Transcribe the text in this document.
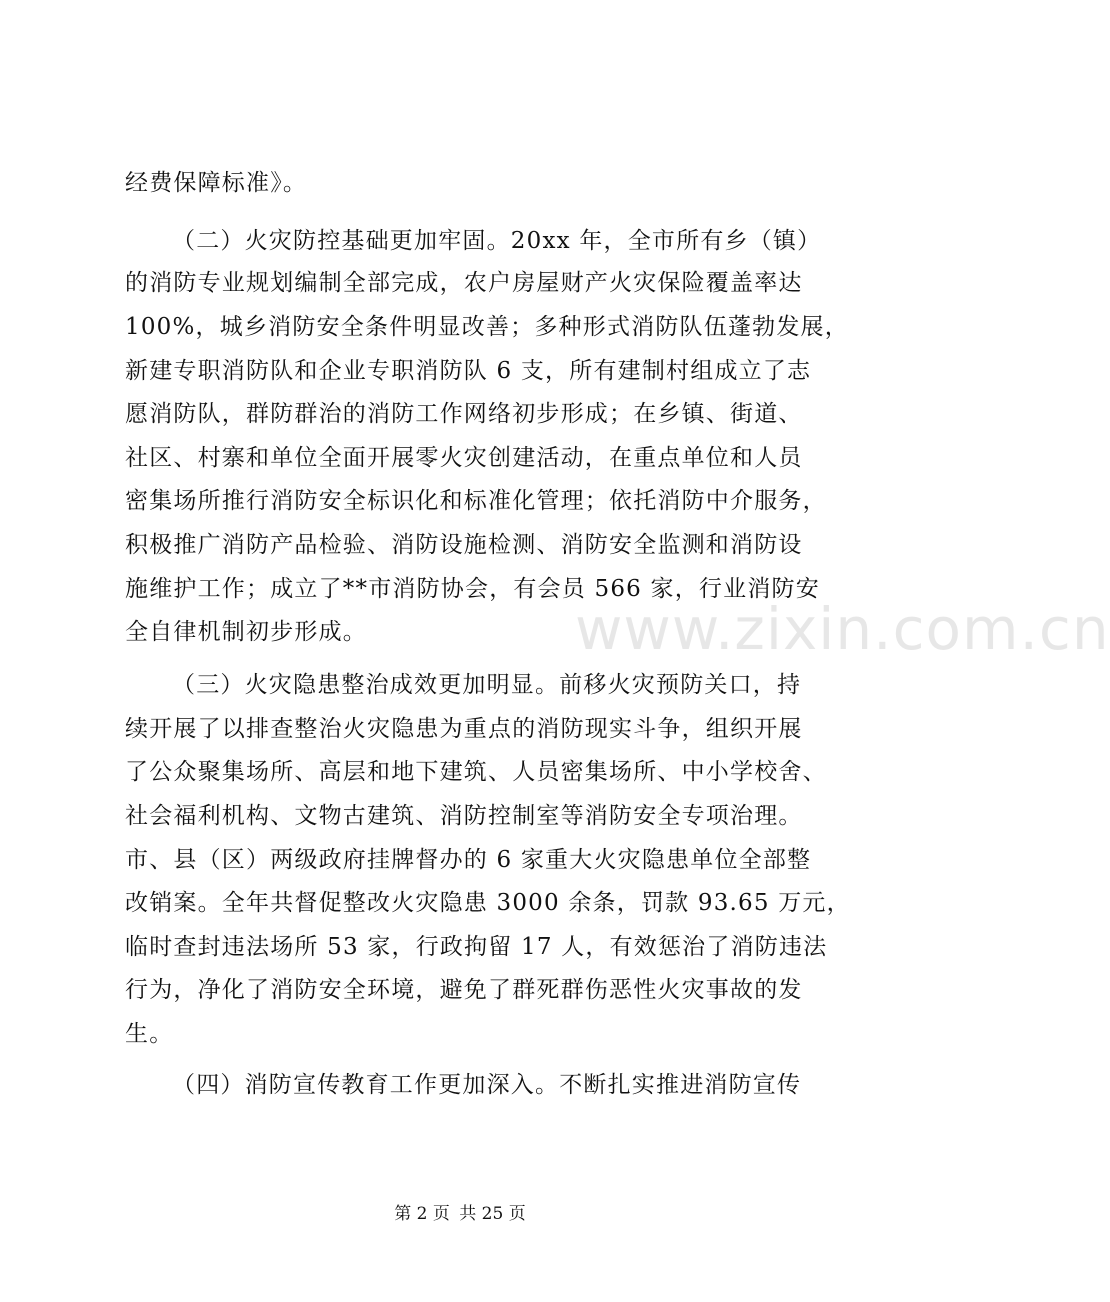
经费保障标准》。
（二）火灾防控基础更加牢固。20xx 年，全市所有乡（镇）
的消防专业规划编制全部完成，农户房屋财产火灾保险覆盖率达
100%，城乡消防安全条件明显改善；多种形式消防队伍蓬勃发展，
新建专职消防队和企业专职消防队 6 支，所有建制村组成立了志
愿消防队，群防群治的消防工作网络初步形成；在乡镇、街道、
社区、村寨和单位全面开展零火灾创建活动，在重点单位和人员
密集场所推行消防安全标识化和标准化管理；依托消防中介服务，
积极推广消防产品检验、消防设施检测、消防安全监测和消防设
施维护工作；成立了**市消防协会，有会员 566 家，行业消防安
全自律机制初步形成。
（三）火灾隐患整治成效更加明显。前移火灾预防关口，持
续开展了以排查整治火灾隐患为重点的消防现实斗争，组织开展
了公众聚集场所、高层和地下建筑、人员密集场所、中小学校舍、
社会福利机构、文物古建筑、消防控制室等消防安全专项治理。
市、县（区）两级政府挂牌督办的 6 家重大火灾隐患单位全部整
改销案。全年共督促整改火灾隐患 3000 余条，罚款 93.65 万元，
临时查封违法场所 53 家，行政拘留 17 人，有效惩治了消防违法
行为，净化了消防安全环境，避免了群死群伤恶性火灾事故的发
生。
（四）消防宣传教育工作更加深入。不断扎实推进消防宣传
www.zixin.com.cn
第 2 页 共 25 页
